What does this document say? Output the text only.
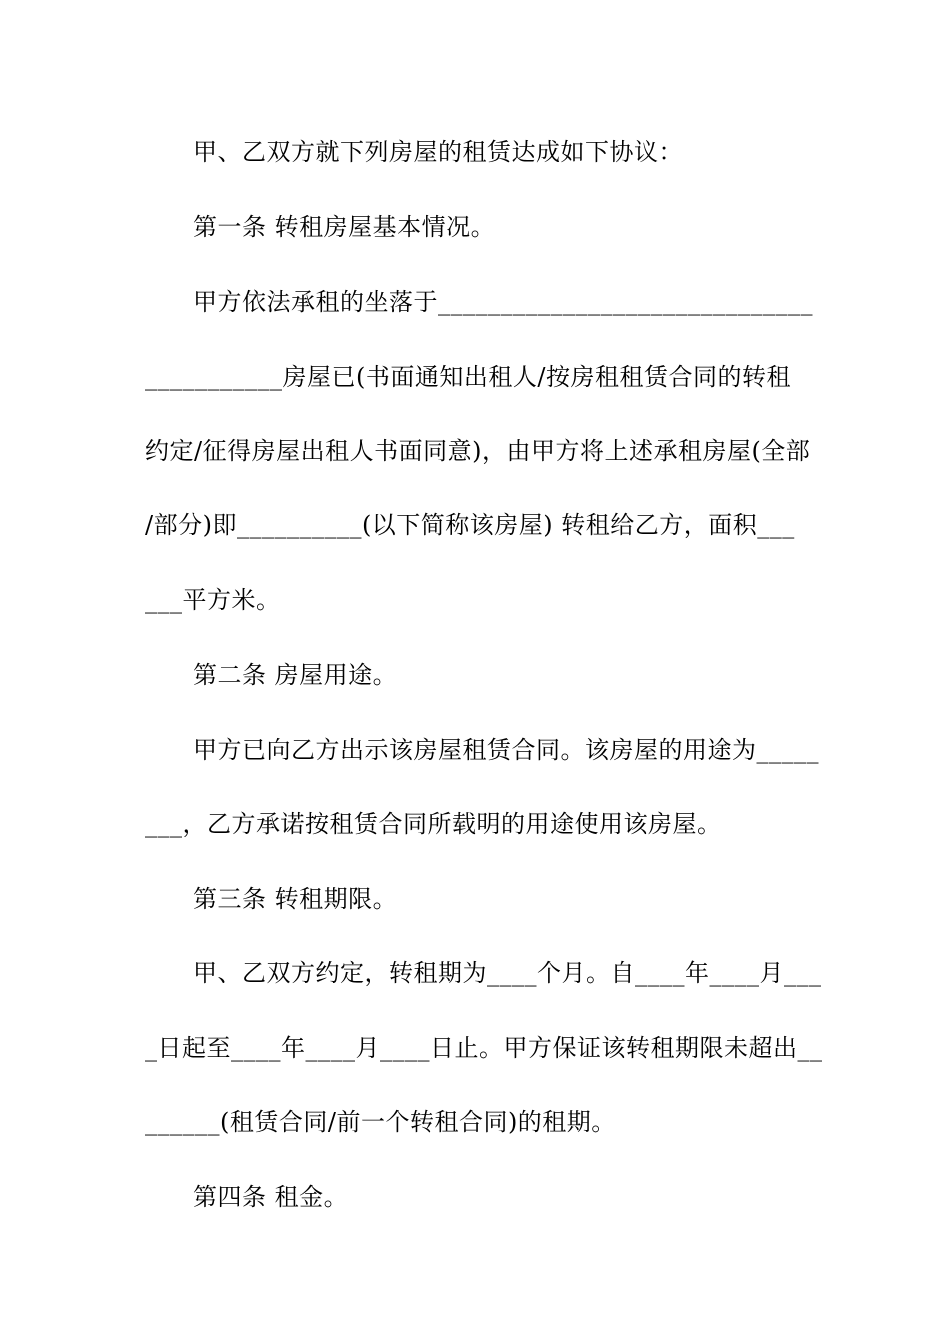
甲、乙双方就下列房屋的租赁达成如下协议：
第一条 转租房屋基本情况。
甲方依法承租的坐落于______________________________
___________房屋已(书面通知出租人/按房租租赁合同的转租
约定/征得房屋出租人书面同意)，由甲方将上述承租房屋(全部
/部分)即__________(以下简称该房屋) 转租给乙方，面积___
___平方米。
第二条 房屋用途。
甲方已向乙方出示该房屋租赁合同。该房屋的用途为_____
___，乙方承诺按租赁合同所载明的用途使用该房屋。
第三条 转租期限。
甲、乙双方约定，转租期为____个月。自____年____月___
_日起至____年____月____日止。甲方保证该转租期限未超出__
______(租赁合同/前一个转租合同)的租期。
第四条 租金。
